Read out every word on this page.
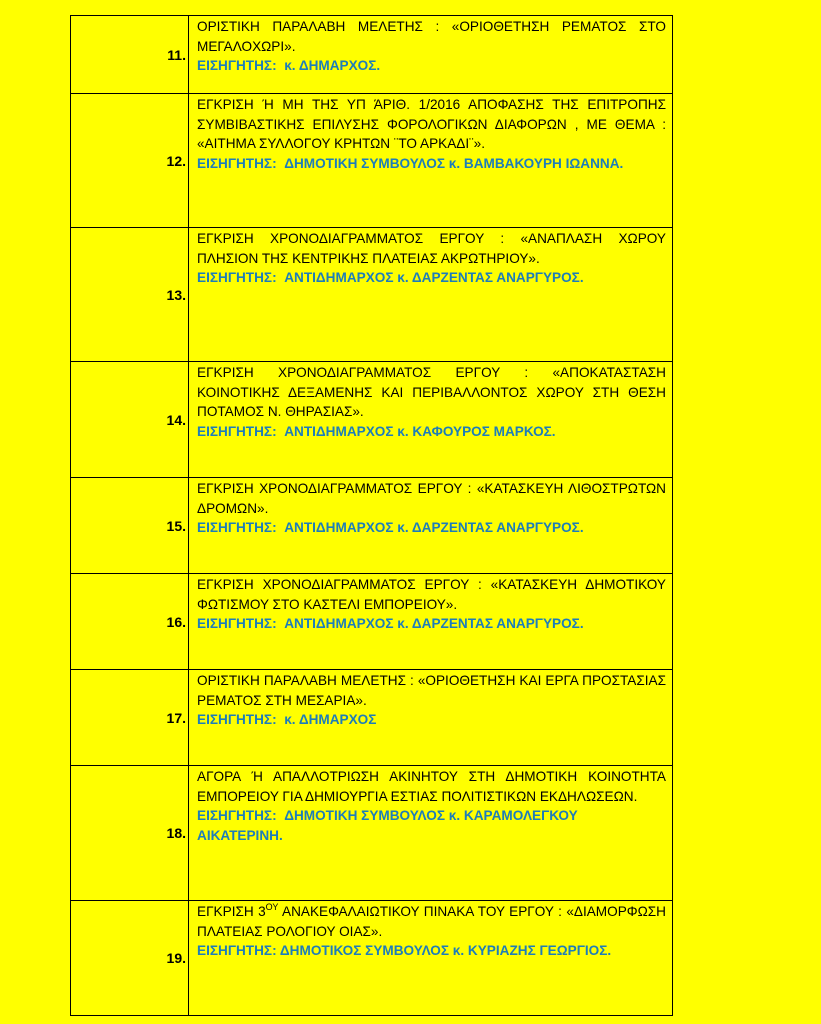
11.	ΟΡΙΣΤΙΚΗ ΠΑΡΑΛΑΒΗ ΜΕΛΕΤΗΣ : «ΟΡΙΟΘΕΤΗΣΗ ΡΕΜΑΤΟΣ ΣΤΟ ΜΕΓΑΛΟΧΩΡΙ».
ΕΙΣΗΓΗΤΗΣ: κ. ΔΗΜΑΡΧΟΣ.

12.	ΕΓΚΡΙΣΗ Ή ΜΗ ΤΗΣ ΥΠ ΆΡΙΘ. 1/2016 ΑΠΟΦΑΣΗΣ ΤΗΣ ΕΠΙΤΡΟΠΗΣ ΣΥΜΒΙΒΑΣΤΙΚΗΣ ΕΠΙΛΥΣΗΣ ΦΟΡΟΛΟΓΙΚΩΝ ΔΙΑΦΟΡΩΝ , ΜΕ ΘΕΜΑ : «ΑΙΤΗΜΑ ΣΥΛΛΟΓΟΥ ΚΡΗΤΩΝ ¨ΤΟ ΑΡΚΑΔΙ¨».
ΕΙΣΗΓΗΤΗΣ: ΔΗΜΟΤΙΚΗ ΣΥΜΒΟΥΛΟΣ κ. ΒΑΜΒΑΚΟΥΡΗ ΙΩΑΝΝΑ.

13.	ΕΓΚΡΙΣΗ ΧΡΟΝΟΔΙΑΓΡΑΜΜΑΤΟΣ ΕΡΓΟΥ : «ΑΝΑΠΛΑΣΗ ΧΩΡΟΥ ΠΛΗΣΙΟΝ ΤΗΣ ΚΕΝΤΡΙΚΗΣ ΠΛΑΤΕΙΑΣ ΑΚΡΩΤΗΡΙΟΥ».
ΕΙΣΗΓΗΤΗΣ: ΑΝΤΙΔΗΜΑΡΧΟΣ κ. ΔΑΡΖΕΝΤΑΣ ΑΝΑΡΓΥΡΟΣ.

14.	ΕΓΚΡΙΣΗ ΧΡΟΝΟΔΙΑΓΡΑΜΜΑΤΟΣ ΕΡΓΟΥ : «ΑΠΟΚΑΤΑΣΤΑΣΗ ΚΟΙΝΟΤΙΚΗΣ ΔΕΞΑΜΕΝΗΣ ΚΑΙ ΠΕΡΙΒΑΛΛΟΝΤΟΣ ΧΩΡΟΥ ΣΤΗ ΘΕΣΗ ΠΟΤΑΜΟΣ Ν. ΘΗΡΑΣΙΑΣ».
ΕΙΣΗΓΗΤΗΣ: ΑΝΤΙΔΗΜΑΡΧΟΣ κ. ΚΑΦΟΥΡΟΣ ΜΑΡΚΟΣ.

15.	ΕΓΚΡΙΣΗ ΧΡΟΝΟΔΙΑΓΡΑΜΜΑΤΟΣ ΕΡΓΟΥ : «ΚΑΤΑΣΚΕΥΗ ΛΙΘΟΣΤΡΩΤΩΝ ΔΡΟΜΩΝ».
ΕΙΣΗΓΗΤΗΣ: ΑΝΤΙΔΗΜΑΡΧΟΣ κ. ΔΑΡΖΕΝΤΑΣ ΑΝΑΡΓΥΡΟΣ.

16.	ΕΓΚΡΙΣΗ ΧΡΟΝΟΔΙΑΓΡΑΜΜΑΤΟΣ ΕΡΓΟΥ : «ΚΑΤΑΣΚΕΥΗ ΔΗΜΟΤΙΚΟΥ ΦΩΤΙΣΜΟΥ ΣΤΟ ΚΑΣΤΕΛΙ ΕΜΠΟΡΕΙΟΥ».
ΕΙΣΗΓΗΤΗΣ: ΑΝΤΙΔΗΜΑΡΧΟΣ κ. ΔΑΡΖΕΝΤΑΣ ΑΝΑΡΓΥΡΟΣ.

17.	ΟΡΙΣΤΙΚΗ ΠΑΡΑΛΑΒΗ ΜΕΛΕΤΗΣ : «ΟΡΙΟΘΕΤΗΣΗ ΚΑΙ ΕΡΓΑ ΠΡΟΣΤΑΣΙΑΣ ΡΕΜΑΤΟΣ ΣΤΗ ΜΕΣΑΡΙΑ».
ΕΙΣΗΓΗΤΗΣ: κ. ΔΗΜΑΡΧΟΣ

18.	ΑΓΟΡΑ Ή ΑΠΑΛΛΟΤΡΙΩΣΗ ΑΚΙΝΗΤΟΥ ΣΤΗ ΔΗΜΟΤΙΚΗ ΚΟΙΝΟΤΗΤΑ ΕΜΠΟΡΕΙΟΥ ΓΙΑ ΔΗΜΙΟΥΡΓΙΑ ΕΣΤΙΑΣ ΠΟΛΙΤΙΣΤΙΚΩΝ ΕΚΔΗΛΩΣΕΩΝ.
ΕΙΣΗΓΗΤΗΣ: ΔΗΜΟΤΙΚΗ ΣΥΜΒΟΥΛΟΣ κ. ΚΑΡΑΜΟΛΕΓΚΟΥ ΑΙΚΑΤΕΡΙΝΗ.

19.	ΕΓΚΡΙΣΗ $3^{O\Upsilon}$ ΑΝΑΚΕΦΑΛΑΙΩΤΙΚΟΥ ΠΙΝΑΚΑ ΤΟΥ ΕΡΓΟΥ : «ΔΙΑΜΟΡΦΩΣΗ ΠΛΑΤΕΙΑΣ ΡΟΛΟΓΙΟΥ ΟΙΑΣ».
ΕΙΣΗΓΗΤΗΣ: ΔΗΜΟΤΙΚΟΣ ΣΥΜΒΟΥΛΟΣ κ. ΚΥΡΙΑΖΗΣ ΓΕΩΡΓΙΟΣ.
